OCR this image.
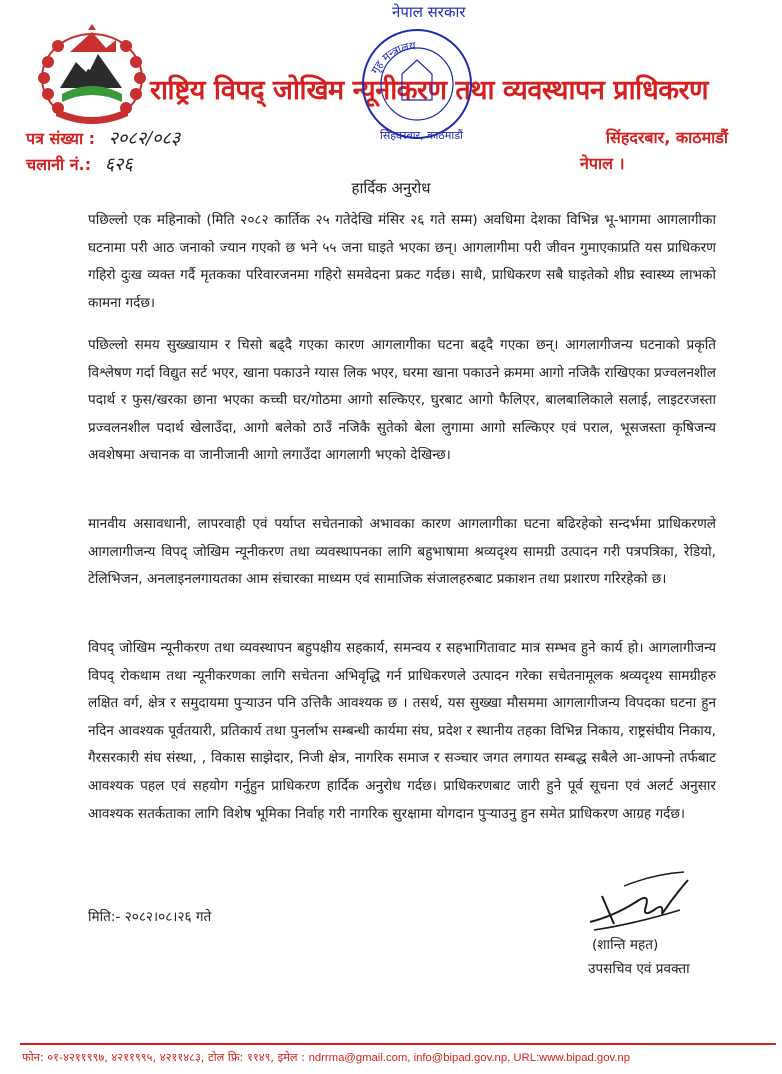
राष्ट्रिय विपद् जोखिम न्यूनीकरण तथा व्यवस्थापन प्राधिकरण
नेपाल सरकार
गृह मन्त्रालय
सिंहदरबार, काठमाडौं
पत्र संख्या : २०८२/०८३
चलानी नं.: ६२६
सिंहदरबार, काठमाडौं
नेपाल ।
हार्दिक अनुरोध
पछिल्लो एक महिनाको (मिति २०८२ कार्तिक २५ गतेदेखि मंसिर २६ गते सम्म) अवधिमा देशका विभिन्न भू-भागमा आगलागीका घटनामा परी आठ जनाको ज्यान गएको छ भने ५५ जना घाइते भएका छन्। आगलागीमा परी जीवन गुमाएकाप्रति यस प्राधिकरण गहिरो दुःख व्यक्त गर्दै मृतकका परिवारजनमा गहिरो समवेदना प्रकट गर्दछ। साथै, प्राधिकरण सबै घाइतेको शीघ्र स्वास्थ्य लाभको कामना गर्दछ।
पछिल्लो समय सुख्खायाम र चिसो बढ्दै गएका कारण आगलागीका घटना बढ्दै गएका छन्। आगलागीजन्य घटनाको प्रकृति विश्लेषण गर्दा विद्युत सर्ट भएर, खाना पकाउने ग्यास लिक भएर, घरमा खाना पकाउने क्रममा आगो नजिकै राखिएका प्रज्वलनशील पदार्थ र फुस/खरका छाना भएका कच्ची घर/गोठमा आगो सल्किएर, घुरबाट आगो फैलिएर, बालबालिकाले सलाई, लाइटरजस्ता प्रज्वलनशील पदार्थ खेलाउँदा, आगो बलेको ठाउँ नजिकै सुतेको बेला लुगामा आगो सल्किएर एवं पराल, भूसजस्ता कृषिजन्य अवशेषमा अचानक वा जानीजानी आगो लगाउँदा आगलागी भएको देखिन्छ।
मानवीय असावधानी, लापरवाही एवं पर्याप्त सचेतनाको अभावका कारण आगलागीका घटना बढिरहेको सन्दर्भमा प्राधिकरणले आगलागीजन्य विपद् जोखिम न्यूनीकरण तथा व्यवस्थापनका लागि बहुभाषामा श्रव्यदृश्य सामग्री उत्पादन गरी पत्रपत्रिका, रेडियो, टेलिभिजन, अनलाइनलगायतका आम संचारका माध्यम एवं सामाजिक संजालहरुबाट प्रकाशन तथा प्रशारण गरिरहेको छ।
विपद् जोखिम न्यूनीकरण तथा व्यवस्थापन बहुपक्षीय सहकार्य, समन्वय र सहभागितावाट मात्र सम्भव हुने कार्य हो। आगलागीजन्य विपद् रोकथाम तथा न्यूनीकरणका लागि सचेतना अभिवृद्धि गर्न प्राधिकरणले उत्पादन गरेका सचेतनामूलक श्रव्यदृश्य सामग्रीहरु लक्षित वर्ग, क्षेत्र र समुदायमा पुऱ्याउन पनि उत्तिकै आवश्यक छ । तसर्थ, यस सुख्खा मौसममा आगलागीजन्य विपदका घटना हुन नदिन आवश्यक पूर्वतयारी, प्रतिकार्य तथा पुनर्लाभ सम्बन्धी कार्यमा संघ, प्रदेश र स्थानीय तहका विभिन्न निकाय, राष्ट्रसंघीय निकाय, गैरसरकारी संघ संस्था, , विकास साझेदार, निजी क्षेत्र, नागरिक समाज र सञ्चार जगत लगायत सम्बद्ध सबैले आ-आफ्नो तर्फबाट आवश्यक पहल एवं सहयोग गर्नुहुन प्राधिकरण हार्दिक अनुरोध गर्दछ। प्राधिकरणबाट जारी हुने पूर्व सूचना एवं अलर्ट अनुसार आवश्यक सतर्कताका लागि विशेष भूमिका निर्वाह गरी नागरिक सुरक्षामा योगदान पुऱ्याउनु हुन समेत प्राधिकरण आग्रह गर्दछ।
मिति:- २०८२।०८।२६ गते
(शान्ति महत)
उपसचिव एवं प्रवक्ता
फोन: ०१-४२११९९७, ४२११९९५, ४२११४८३, टोल फ्रि: ११४९, इमेल : ndrrma@gmail.com, info@bipad.gov.np, URL:www.bipad.gov.np
